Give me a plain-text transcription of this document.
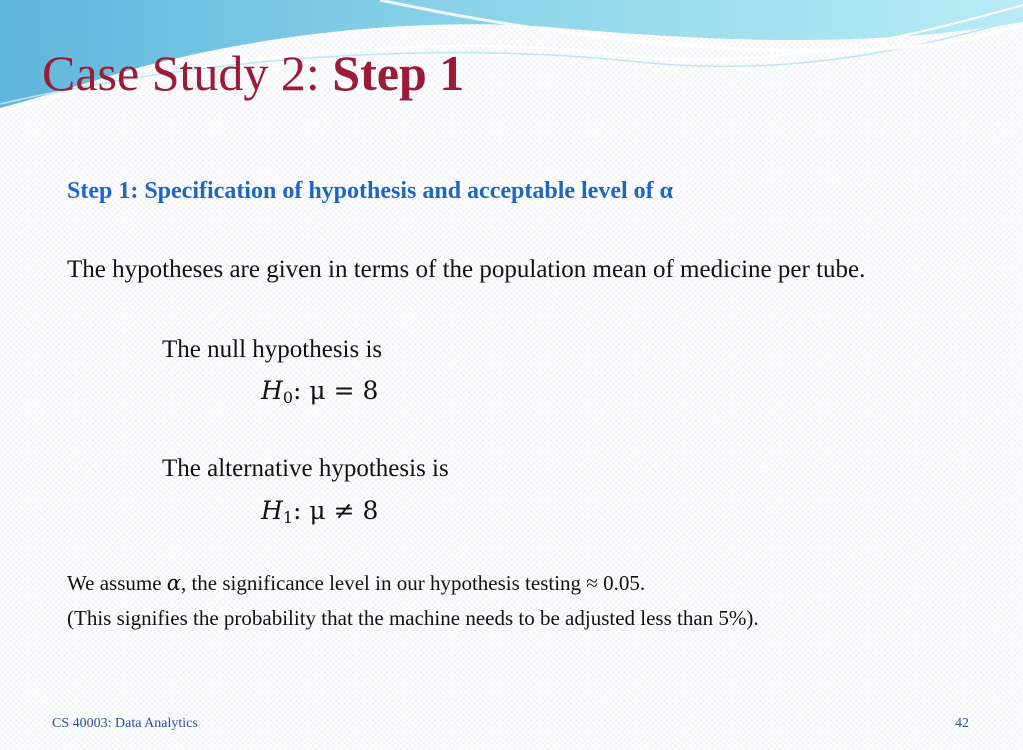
Case Study 2: Step 1
Step 1: Specification of hypothesis and acceptable level of α
The hypotheses are given in terms of the population mean of medicine per tube.
The null hypothesis is
$H_0$: μ = 8
The alternative hypothesis is
$H_1$: μ ≠ 8
We assume α, the significance level in our hypothesis testing ≈ 0.05.
(This signifies the probability that the machine needs to be adjusted less than 5%).
CS 40003: Data Analytics	42
